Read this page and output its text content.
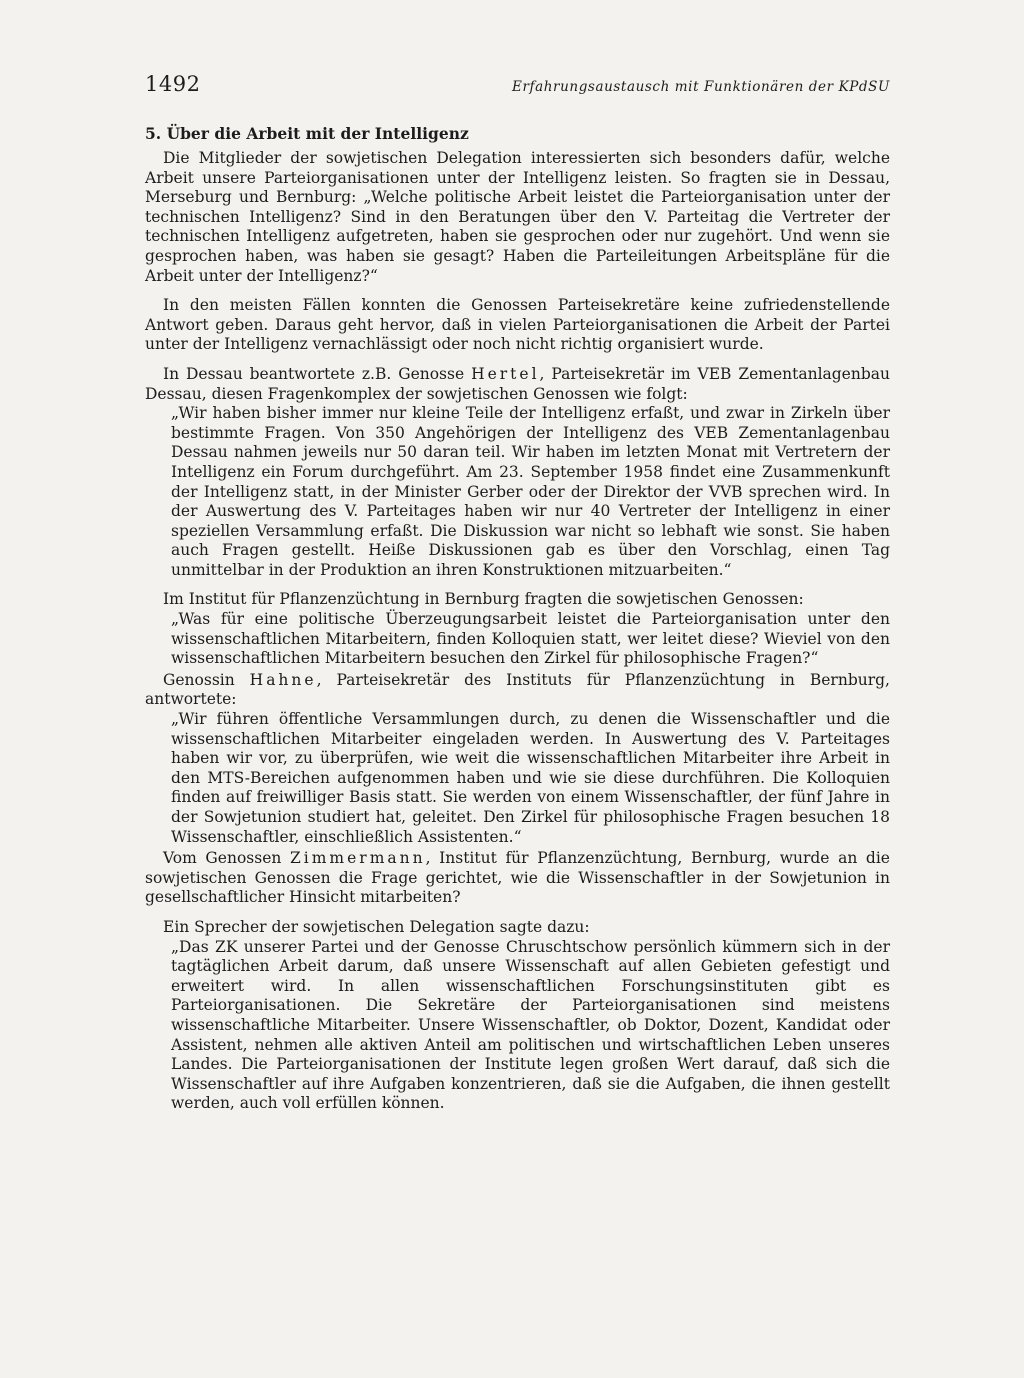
1492	Erfahrungsaustausch mit Funktionären der KPdSU
5. Über die Arbeit mit der Intelligenz

Die Mitglieder der sowjetischen Delegation interessierten sich besonders dafür, welche Arbeit unsere Parteiorganisationen unter der Intelligenz leisten. So fragten sie in Dessau, Merseburg und Bernburg: „Welche politische Arbeit leistet die Parteiorganisation unter der technischen Intelligenz? Sind in den Beratungen über den V. Parteitag die Vertreter der technischen Intelligenz aufgetreten, haben sie gesprochen oder nur zugehört. Und wenn sie gesprochen haben, was haben sie gesagt? Haben die Parteileitungen Arbeitspläne für die Arbeit unter der Intelligenz?“

In den meisten Fällen konnten die Genossen Parteisekretäre keine zufriedenstellende Antwort geben. Daraus geht hervor, daß in vielen Parteiorganisationen die Arbeit der Partei unter der Intelligenz vernachlässigt oder noch nicht richtig organisiert wurde.

In Dessau beantwortete z.B. Genosse Hertel, Parteisekretär im VEB Zementanlagenbau Dessau, diesen Fragenkomplex der sowjetischen Genossen wie folgt:

„Wir haben bisher immer nur kleine Teile der Intelligenz erfaßt, und zwar in Zirkeln über bestimmte Fragen. Von 350 Angehörigen der Intelligenz des VEB Zementanlagenbau Dessau nahmen jeweils nur 50 daran teil. Wir haben im letzten Monat mit Vertretern der Intelligenz ein Forum durchgeführt. Am 23. September 1958 findet eine Zusammenkunft der Intelligenz statt, in der Minister Gerber oder der Direktor der VVB sprechen wird. In der Auswertung des V. Parteitages haben wir nur 40 Vertreter der Intelligenz in einer speziellen Versammlung erfaßt. Die Diskussion war nicht so lebhaft wie sonst. Sie haben auch Fragen gestellt. Heiße Diskussionen gab es über den Vorschlag, einen Tag unmittelbar in der Produktion an ihren Konstruktionen mitzuarbeiten.“

Im Institut für Pflanzenzüchtung in Bernburg fragten die sowjetischen Genossen:

„Was für eine politische Überzeugungsarbeit leistet die Parteiorganisation unter den wissenschaftlichen Mitarbeitern, finden Kolloquien statt, wer leitet diese? Wieviel von den wissenschaftlichen Mitarbeitern besuchen den Zirkel für philosophische Fragen?“

Genossin Hahne, Parteisekretär des Instituts für Pflanzenzüchtung in Bernburg, antwortete:

„Wir führen öffentliche Versammlungen durch, zu denen die Wissenschaftler und die wissenschaftlichen Mitarbeiter eingeladen werden. In Auswertung des V. Parteitages haben wir vor, zu überprüfen, wie weit die wissenschaftlichen Mitarbeiter ihre Arbeit in den MTS-Bereichen aufgenommen haben und wie sie diese durchführen. Die Kolloquien finden auf freiwilliger Basis statt. Sie werden von einem Wissenschaftler, der fünf Jahre in der Sowjetunion studiert hat, geleitet. Den Zirkel für philosophische Fragen besuchen 18 Wissenschaftler, einschließlich Assistenten.“

Vom Genossen Zimmermann, Institut für Pflanzenzüchtung, Bernburg, wurde an die sowjetischen Genossen die Frage gerichtet, wie die Wissenschaftler in der Sowjetunion in gesellschaftlicher Hinsicht mitarbeiten?

Ein Sprecher der sowjetischen Delegation sagte dazu:

„Das ZK unserer Partei und der Genosse Chruschtschow persönlich kümmern sich in der tagtäglichen Arbeit darum, daß unsere Wissenschaft auf allen Gebieten gefestigt und erweitert wird. In allen wissenschaftlichen Forschungsinstituten gibt es Parteiorganisationen. Die Sekretäre der Parteiorganisationen sind meistens wissenschaftliche Mitarbeiter. Unsere Wissenschaftler, ob Doktor, Dozent, Kandidat oder Assistent, nehmen alle aktiven Anteil am politischen und wirtschaftlichen Leben unseres Landes. Die Parteiorganisationen der Institute legen großen Wert darauf, daß sich die Wissenschaftler auf ihre Aufgaben konzentrieren, daß sie die Aufgaben, die ihnen gestellt werden, auch voll erfüllen können.
